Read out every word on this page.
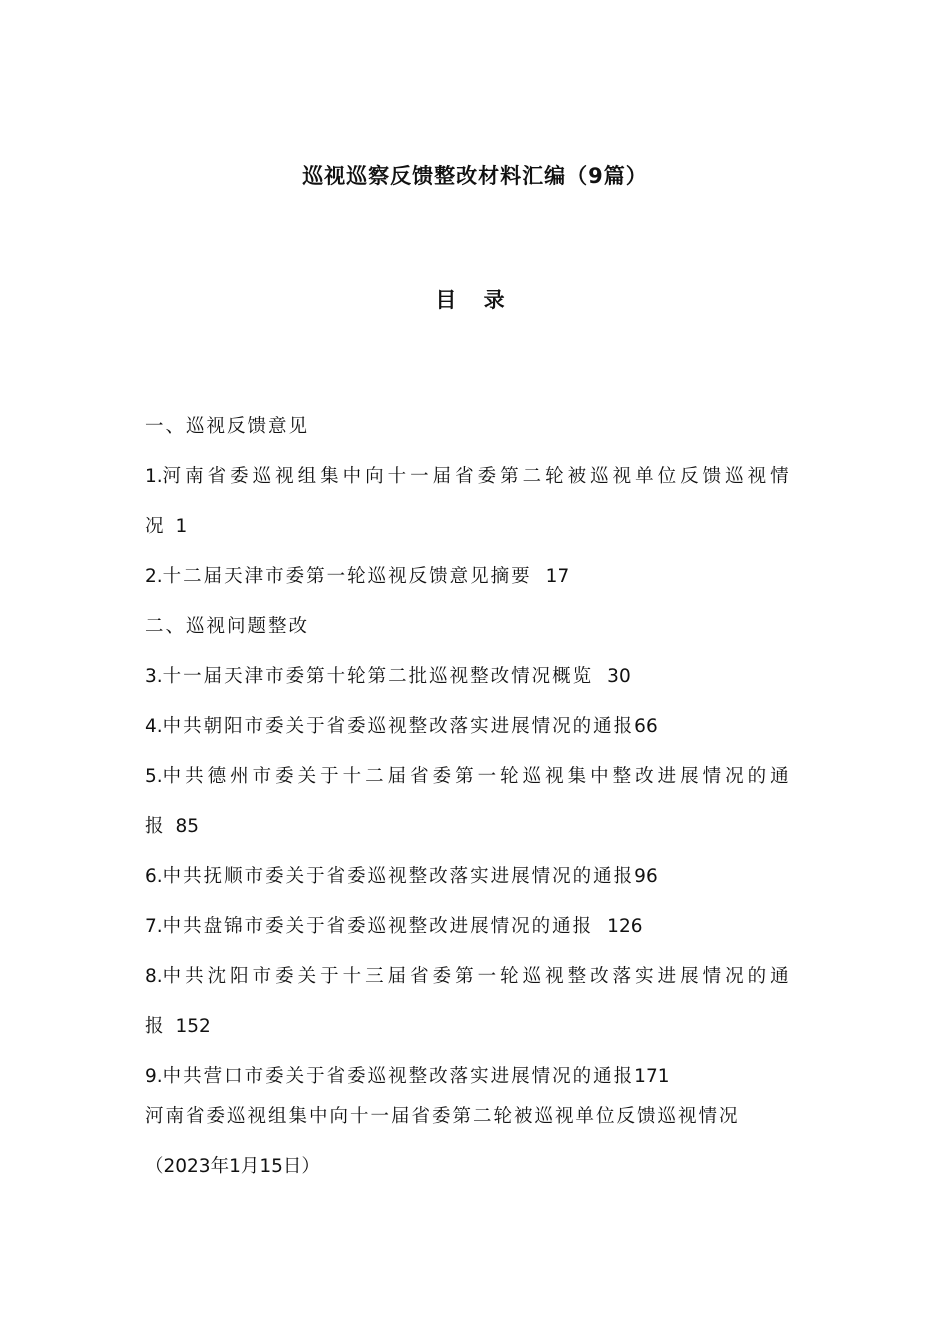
巡视巡察反馈整改材料汇编（9篇）
目 录
一、巡视反馈意见
1.河南省委巡视组集中向十一届省委第二轮被巡视单位反馈巡视情
况 1
2.十二届天津市委第一轮巡视反馈意见摘要 17
二、巡视问题整改
3.十一届天津市委第十轮第二批巡视整改情况概览 30
4.中共朝阳市委关于省委巡视整改落实进展情况的通报66
5.中共德州市委关于十二届省委第一轮巡视集中整改进展情况的通
报 85
6.中共抚顺市委关于省委巡视整改落实进展情况的通报96
7.中共盘锦市委关于省委巡视整改进展情况的通报 126
8.中共沈阳市委关于十三届省委第一轮巡视整改落实进展情况的通
报 152
9.中共营口市委关于省委巡视整改落实进展情况的通报171
河南省委巡视组集中向十一届省委第二轮被巡视单位反馈巡视情况
（2023年1月15日）
